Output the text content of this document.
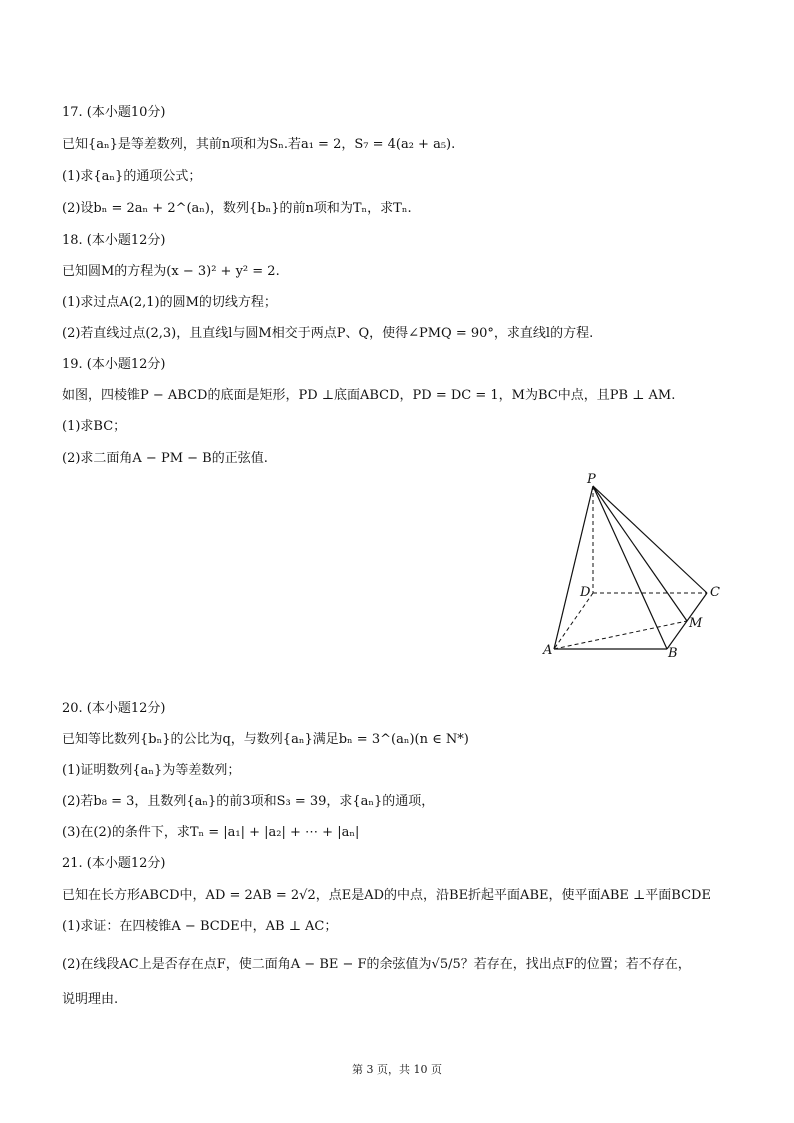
17. (本小题10分)
已知{aₙ}是等差数列，其前n项和为Sₙ.若a₁ = 2，S₇ = 4(a₂ + a₅).
(1)求{aₙ}的通项公式；
(2)设bₙ = 2aₙ + 2^(aₙ)，数列{bₙ}的前n项和为Tₙ，求Tₙ.
18. (本小题12分)
已知圆M的方程为(x − 3)² + y² = 2.
(1)求过点A(2,1)的圆M的切线方程；
(2)若直线过点(2,3)，且直线l与圆M相交于两点P、Q，使得∠PMQ = 90°，求直线l的方程.
19. (本小题12分)
如图，四棱锥P − ABCD的底面是矩形，PD ⊥底面ABCD，PD = DC = 1，M为BC中点，且PB ⊥ AM.
(1)求BC；
(2)求二面角A − PM − B的正弦值.
P
D	C
M
A	B
20. (本小题12分)
已知等比数列{bₙ}的公比为q，与数列{aₙ}满足bₙ = 3^(aₙ)(n ∈ N*)
(1)证明数列{aₙ}为等差数列；
(2)若b₈ = 3，且数列{aₙ}的前3项和S₃ = 39，求{aₙ}的通项，
(3)在(2)的条件下，求Tₙ = |a₁| + |a₂| + ⋯ + |aₙ|
21. (本小题12分)
已知在长方形ABCD中，AD = 2AB = 2√2，点E是AD的中点，沿BE折起平面ABE，使平面ABE ⊥平面BCDE
(1)求证：在四棱锥A − BCDE中，AB ⊥ AC；
(2)在线段AC上是否存在点F，使二面角A − BE − F的余弦值为√5/5？若存在，找出点F的位置；若不存在，
说明理由.
第 3 页，共 10 页
